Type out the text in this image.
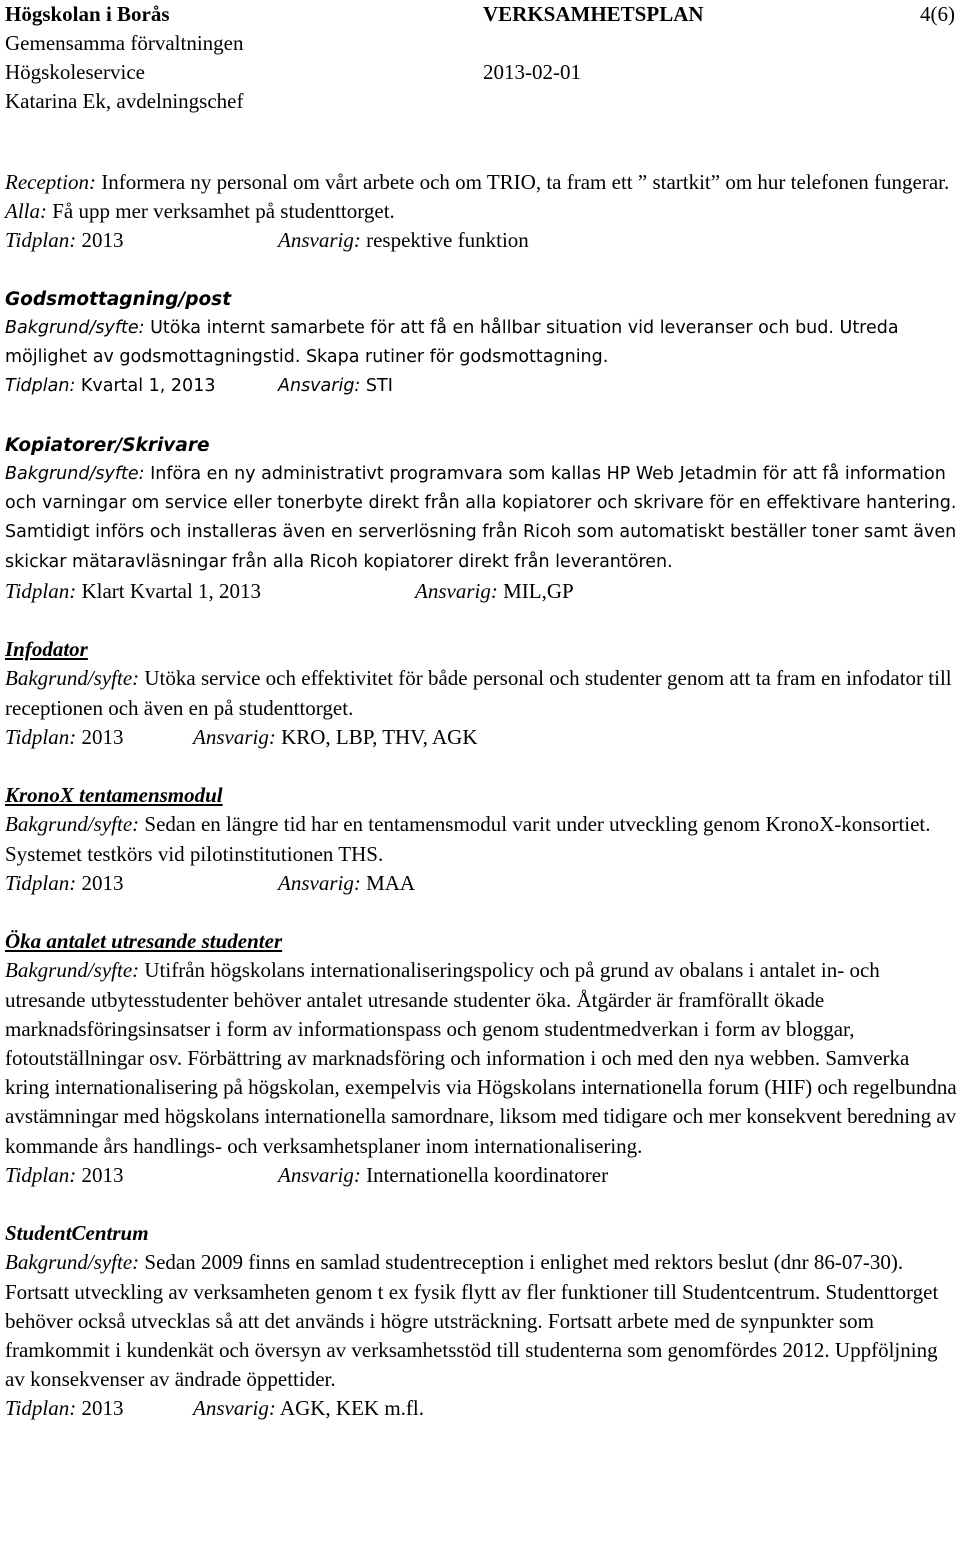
Högskolan i Borås	VERKSAMHETSPLAN	4(6)
Gemensamma förvaltningen
Högskoleservice	2013-02-01
Katarina Ek, avdelningschef

Reception: Informera ny personal om vårt arbete och om TRIO, ta fram ett ” startkit” om hur telefonen fungerar.

Alla: Få upp mer verksamhet på studenttorget.

Tidplan: 2013	Ansvarig: respektive funktion

Godsmottagning/post

Bakgrund/syfte: Utöka internt samarbete för att få en hållbar situation vid leveranser och bud. Utreda möjlighet av godsmottagningstid. Skapa rutiner för godsmottagning.

Tidplan: Kvartal 1, 2013	Ansvarig: STI

Kopiatorer/Skrivare

Bakgrund/syfte: Införa en ny administrativt programvara som kallas HP Web Jetadmin för att få information och varningar om service eller tonerbyte direkt från alla kopiatorer och skrivare för en effektivare hantering. Samtidigt införs och installeras även en serverlösning från Ricoh som automatiskt beställer toner samt även skickar mätaravläsningar från alla Ricoh kopiatorer direkt från leverantören.

Tidplan: Klart Kvartal 1, 2013	Ansvarig: MIL,GP

Infodator

Bakgrund/syfte: Utöka service och effektivitet för både personal och studenter genom att ta fram en infodator till receptionen och även en på studenttorget.

Tidplan: 2013	Ansvarig: KRO, LBP, THV, AGK

KronoX tentamensmodul

Bakgrund/syfte: Sedan en längre tid har en tentamensmodul varit under utveckling genom KronoX-konsortiet. Systemet testkörs vid pilotinstitutionen THS.

Tidplan: 2013	Ansvarig: MAA

Öka antalet utresande studenter

Bakgrund/syfte: Utifrån högskolans internationaliseringspolicy och på grund av obalans i antalet in- och utresande utbytesstudenter behöver antalet utresande studenter öka. Åtgärder är framförallt ökade marknadsföringsinsatser i form av informationspass och genom studentmedverkan i form av bloggar, fotoutställningar osv. Förbättring av marknadsföring och information i och med den nya webben. Samverka kring internationalisering på högskolan, exempelvis via Högskolans internationella forum (HIF) och regelbundna avstämningar med högskolans internationella samordnare, liksom med tidigare och mer konsekvent beredning av kommande års handlings- och verksamhetsplaner inom internationalisering.

Tidplan: 2013	Ansvarig: Internationella koordinatorer

StudentCentrum

Bakgrund/syfte: Sedan 2009 finns en samlad studentreception i enlighet med rektors beslut (dnr 86-07-30). Fortsatt utveckling av verksamheten genom t ex fysik flytt av fler funktioner till Studentcentrum. Studenttorget behöver också utvecklas så att det används i högre utsträckning. Fortsatt arbete med de synpunkter som framkommit i kundenkät och översyn av verksamhetsstöd till studenterna som genomfördes 2012. Uppföljning av konsekvenser av ändrade öppettider.

Tidplan: 2013	Ansvarig: AGK, KEK m.fl.
